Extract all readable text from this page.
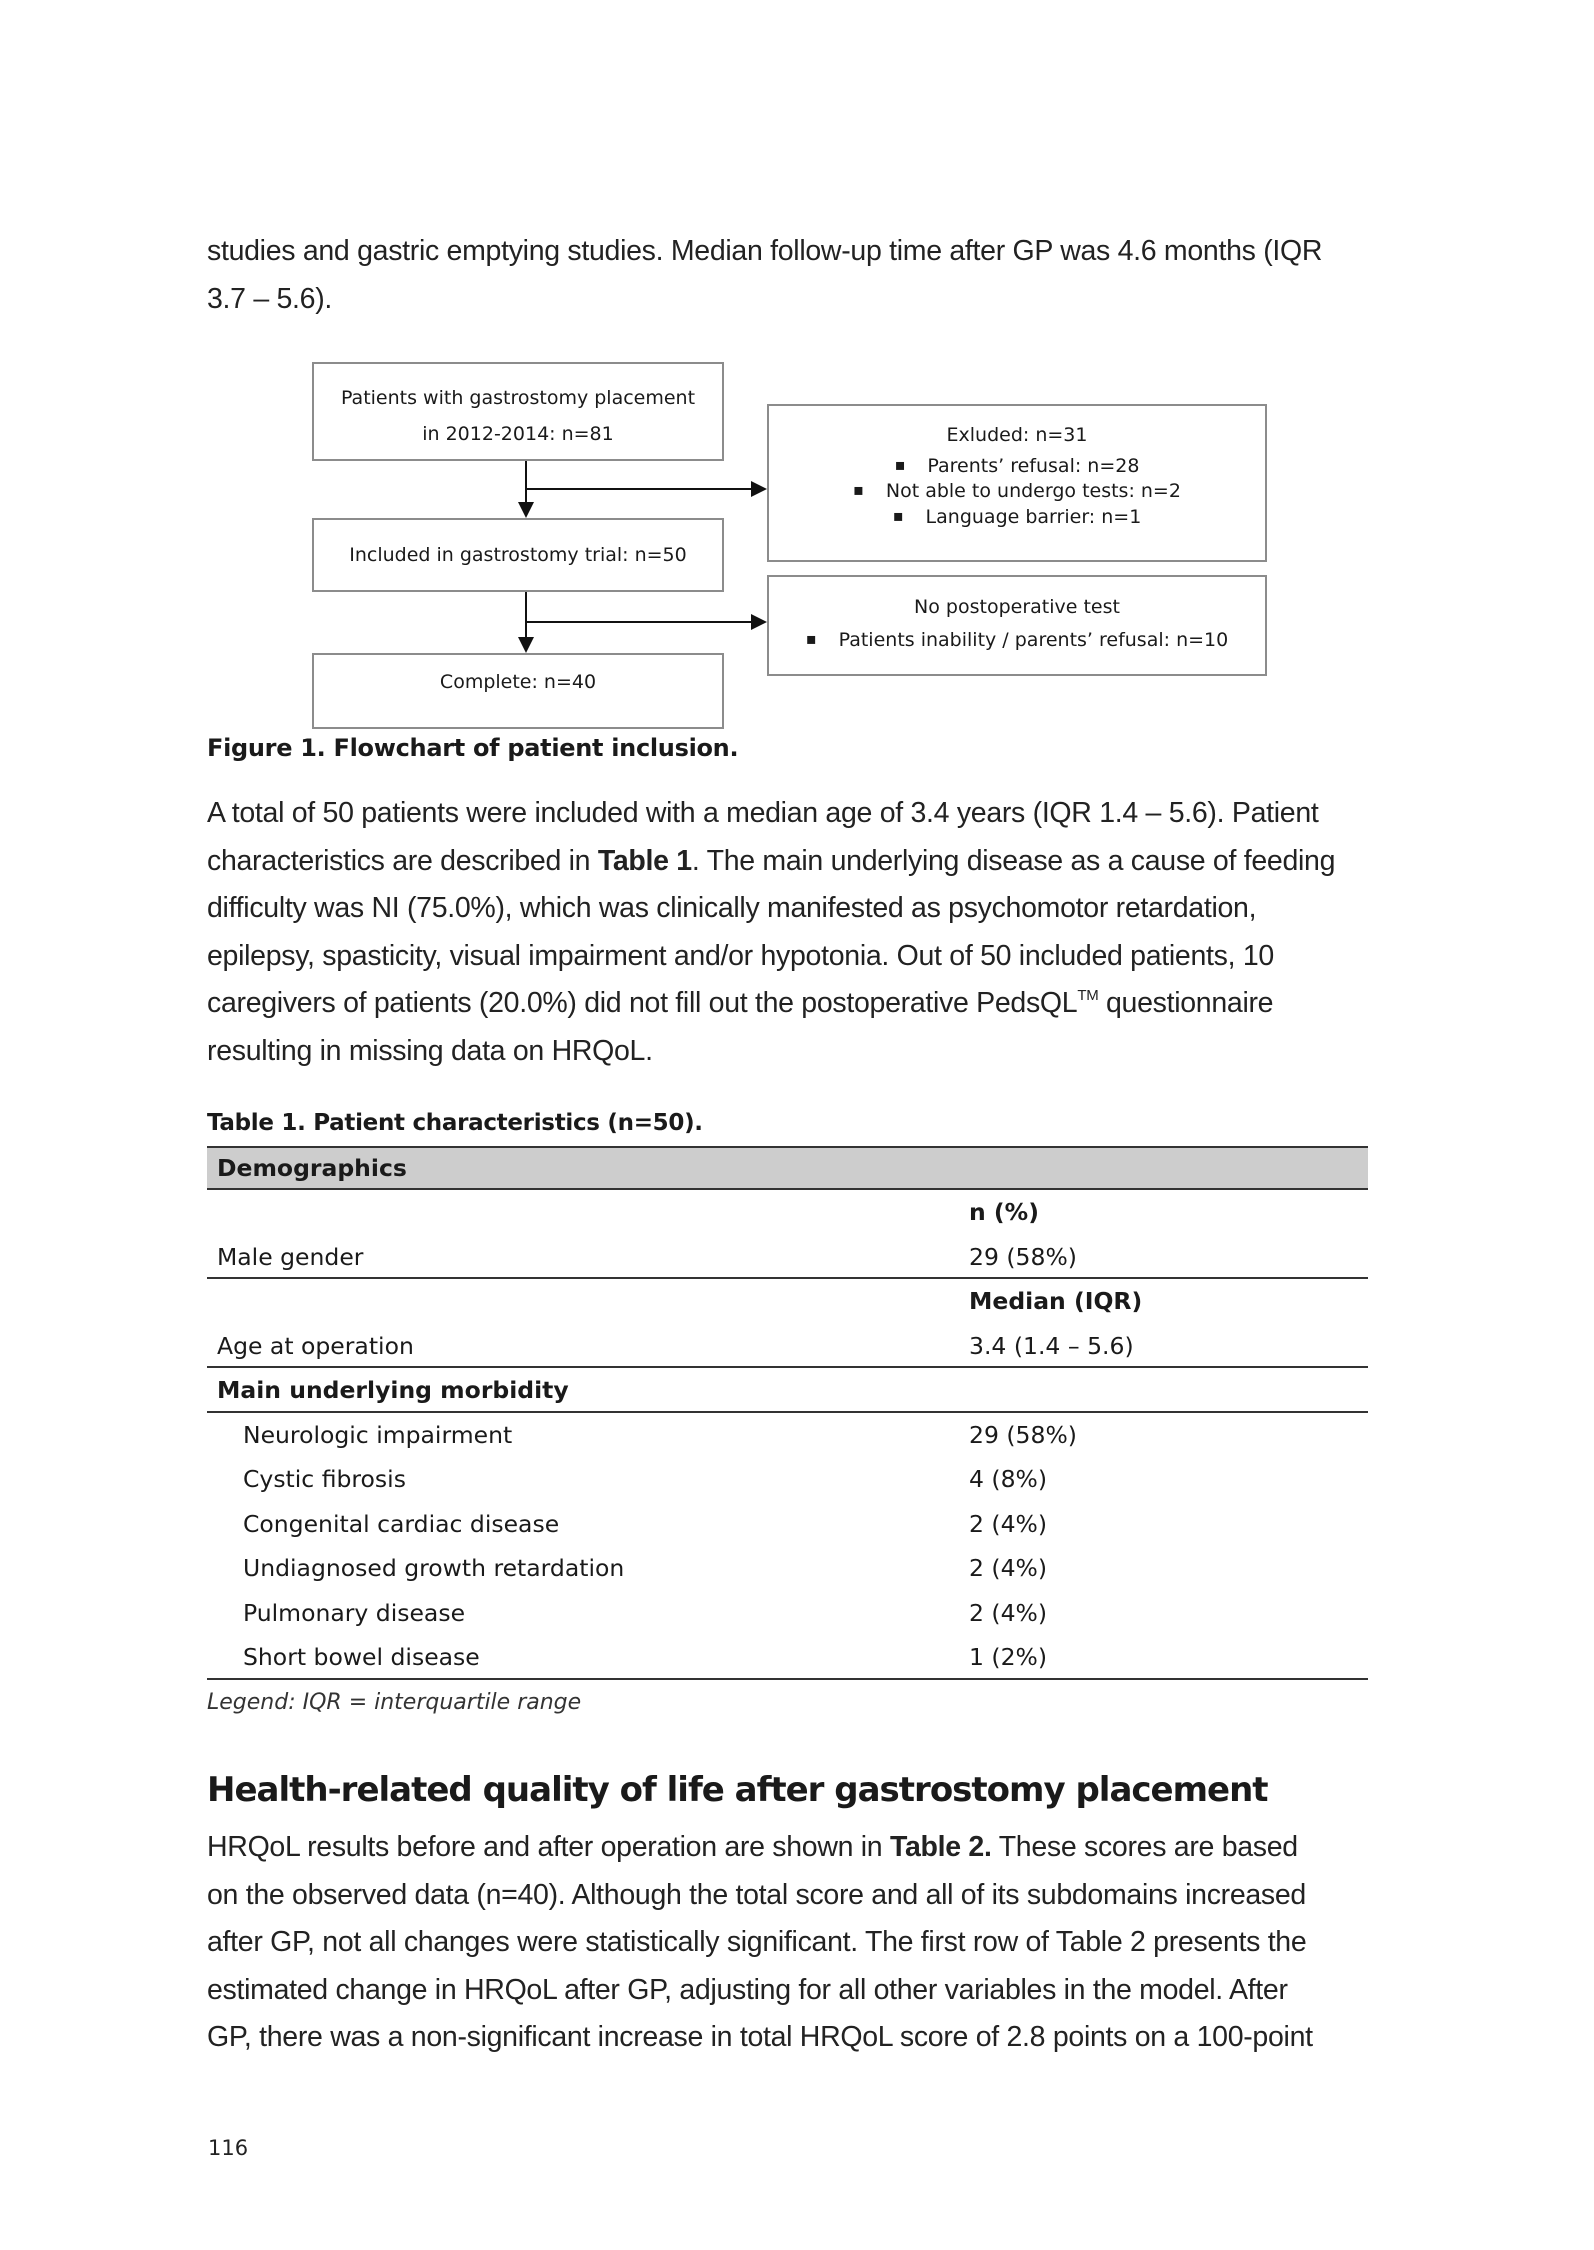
studies and gastric emptying studies. Median follow-up time after GP was 4.6 months (IQR
3.7 – 5.6).
Patients with gastrostomy placement
in 2012-2014: n=81
Included in gastrostomy trial: n=50
Complete: n=40
Exluded: n=31
▪ Parents’ refusal: n=28
▪ Not able to undergo tests: n=2
▪ Language barrier: n=1
No postoperative test
▪ Patients inability / parents’ refusal: n=10
Figure 1. Flowchart of patient inclusion.
A total of 50 patients were included with a median age of 3.4 years (IQR 1.4 – 5.6). Patient
characteristics are described in Table 1. The main underlying disease as a cause of feeding
difficulty was NI (75.0%), which was clinically manifested as psychomotor retardation,
epilepsy, spasticity, visual impairment and/or hypotonia. Out of 50 included patients, 10
caregivers of patients (20.0%) did not fill out the postoperative PedsQL™ questionnaire
resulting in missing data on HRQoL.
Table 1. Patient characteristics (n=50).
Demographics
n (%)
Male gender	29 (58%)
Median (IQR)
Age at operation	3.4 (1.4 – 5.6)
Main underlying morbidity
Neurologic impairment	29 (58%)
Cystic fibrosis	4 (8%)
Congenital cardiac disease	2 (4%)
Undiagnosed growth retardation	2 (4%)
Pulmonary disease	2 (4%)
Short bowel disease	1 (2%)
Legend: IQR = interquartile range
Health-related quality of life after gastrostomy placement
HRQoL results before and after operation are shown in Table 2. These scores are based
on the observed data (n=40). Although the total score and all of its subdomains increased
after GP, not all changes were statistically significant. The first row of Table 2 presents the
estimated change in HRQoL after GP, adjusting for all other variables in the model. After
GP, there was a non-significant increase in total HRQoL score of 2.8 points on a 100-point
116
